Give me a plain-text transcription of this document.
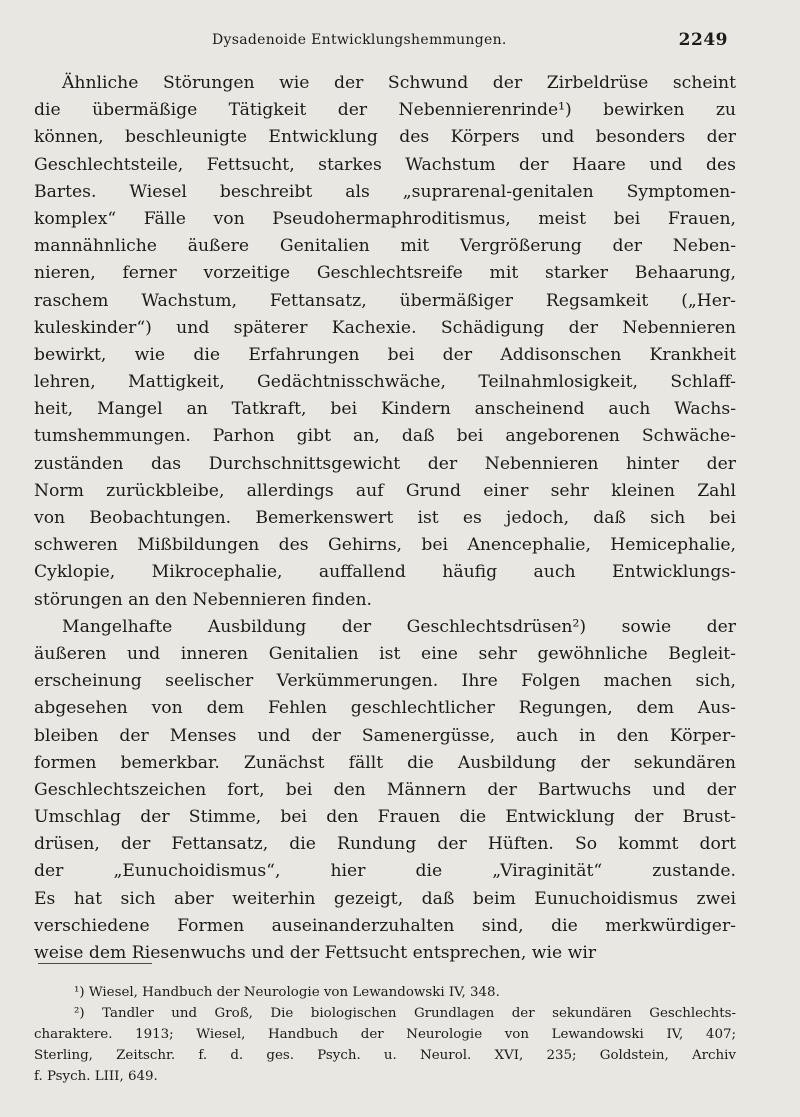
Dysadenoide Entwicklungshemmungen.	2249
Ähnliche Störungen wie der Schwund der Zirbeldrüse scheint
die übermäßige Tätigkeit der Nebennierenrinde¹) bewirken zu
können, beschleunigte Entwicklung des Körpers und besonders der
Geschlechtsteile, Fettsucht, starkes Wachstum der Haare und des
Bartes. Wiesel beschreibt als „suprarenal-genitalen Symptomen-
komplex“ Fälle von Pseudohermaphroditismus, meist bei Frauen,
mannähnliche äußere Genitalien mit Vergrößerung der Neben-
nieren, ferner vorzeitige Geschlechtsreife mit starker Behaarung,
raschem Wachstum, Fettansatz, übermäßiger Regsamkeit („Her-
kuleskinder“) und späterer Kachexie. Schädigung der Nebennieren
bewirkt, wie die Erfahrungen bei der Addisonschen Krankheit
lehren, Mattigkeit, Gedächtnisschwäche, Teilnahmlosigkeit, Schlaff-
heit, Mangel an Tatkraft, bei Kindern anscheinend auch Wachs-
tumshemmungen. Parhon gibt an, daß bei angeborenen Schwäche-
zuständen das Durchschnittsgewicht der Nebennieren hinter der
Norm zurückbleibe, allerdings auf Grund einer sehr kleinen Zahl
von Beobachtungen. Bemerkenswert ist es jedoch, daß sich bei
schweren Mißbildungen des Gehirns, bei Anencephalie, Hemicephalie,
Cyklopie, Mikrocephalie, auffallend häufig auch Entwicklungs-
störungen an den Nebennieren finden.
Mangelhafte Ausbildung der Geschlechtsdrüsen²) sowie der
äußeren und inneren Genitalien ist eine sehr gewöhnliche Begleit-
erscheinung seelischer Verkümmerungen. Ihre Folgen machen sich,
abgesehen von dem Fehlen geschlechtlicher Regungen, dem Aus-
bleiben der Menses und der Samenergüsse, auch in den Körper-
formen bemerkbar. Zunächst fällt die Ausbildung der sekundären
Geschlechtszeichen fort, bei den Männern der Bartwuchs und der
Umschlag der Stimme, bei den Frauen die Entwicklung der Brust-
drüsen, der Fettansatz, die Rundung der Hüften. So kommt dort
der „Eunuchoidismus“, hier die „Viraginität“ zustande.
Es hat sich aber weiterhin gezeigt, daß beim Eunuchoidismus zwei
verschiedene Formen auseinanderzuhalten sind, die merkwürdiger-
weise dem Riesenwuchs und der Fettsucht entsprechen, wie wir
¹) Wiesel, Handbuch der Neurologie von Lewandowski IV, 348.
²) Tandler und Groß, Die biologischen Grundlagen der sekundären Geschlechts-
charaktere. 1913; Wiesel, Handbuch der Neurologie von Lewandowski IV, 407;
Sterling, Zeitschr. f. d. ges. Psych. u. Neurol. XVI, 235; Goldstein, Archiv
f. Psych. LIII, 649.
